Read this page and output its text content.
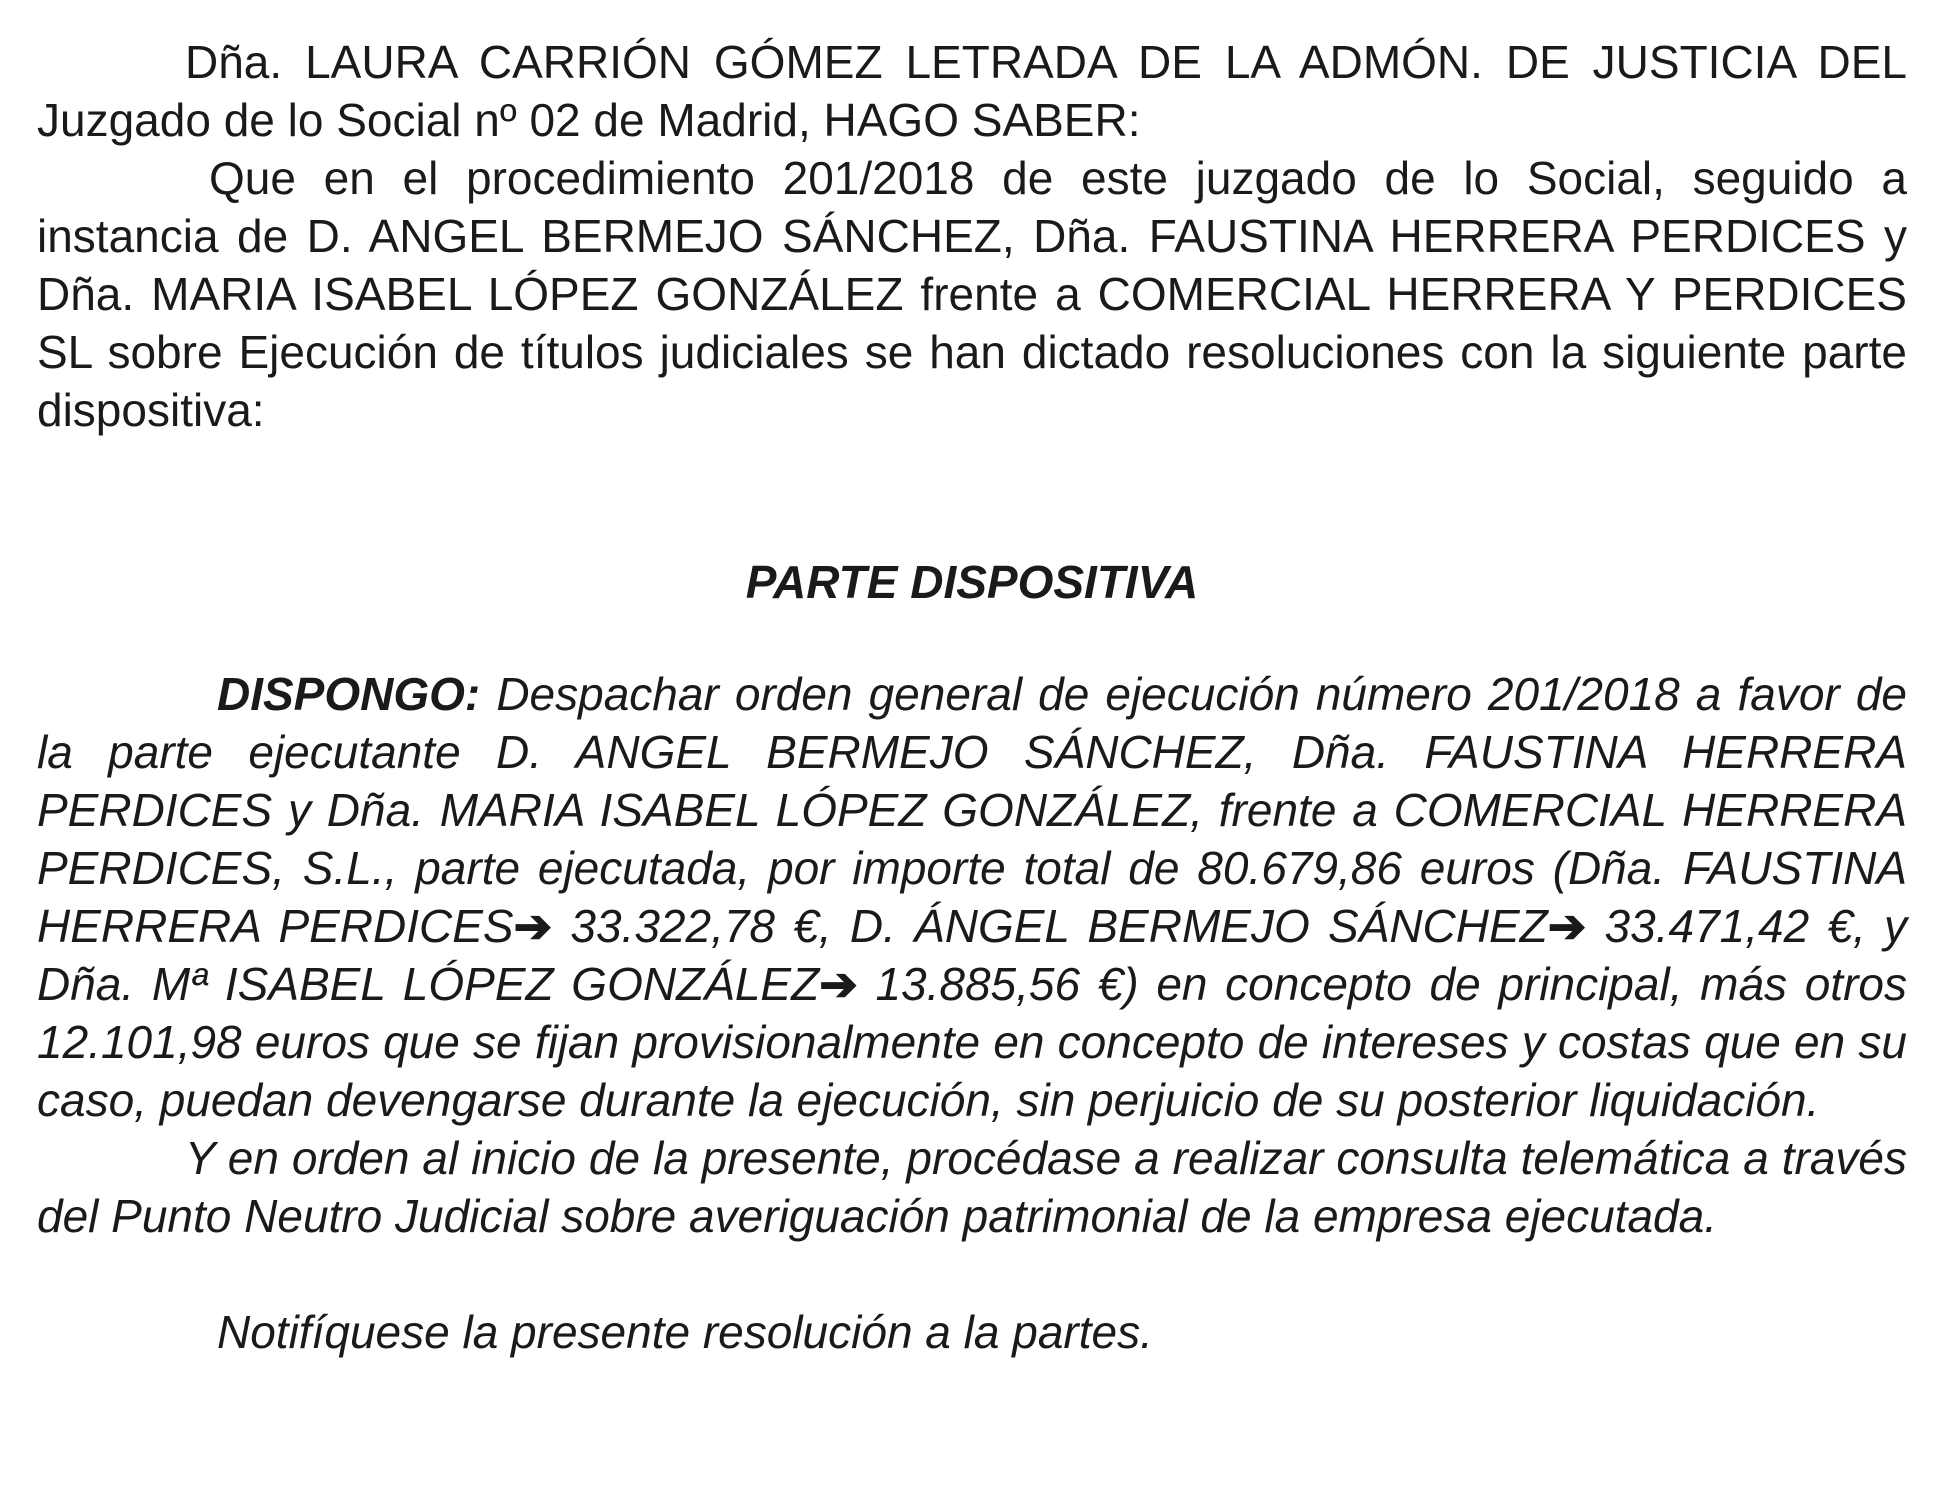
Dña. LAURA CARRIÓN GÓMEZ LETRADA DE LA ADMÓN. DE JUSTICIA DEL Juzgado de lo Social nº 02 de Madrid, HAGO SABER:

Que en el procedimiento 201/2018 de este juzgado de lo Social, seguido a instancia de D. ANGEL BERMEJO SÁNCHEZ, Dña. FAUSTINA HERRERA PERDICES y Dña. MARIA ISABEL LÓPEZ GONZÁLEZ frente a COMERCIAL HERRERA Y PERDICES SL sobre Ejecución de títulos judiciales se han dictado resoluciones con la siguiente parte dispositiva:

PARTE DISPOSITIVA

DISPONGO: Despachar orden general de ejecución número 201/2018 a favor de la parte ejecutante D. ANGEL BERMEJO SÁNCHEZ, Dña. FAUSTINA HERRERA PERDICES y Dña. MARIA ISABEL LÓPEZ GONZÁLEZ, frente a COMERCIAL HERRERA PERDICES, S.L., parte ejecutada, por importe total de 80.679,86 euros (Dña. FAUSTINA HERRERA PERDICES➔ 33.322,78 €, D. ÁNGEL BERMEJO SÁNCHEZ➔ 33.471,42 €, y Dña. Mª ISABEL LÓPEZ GONZÁLEZ➔ 13.885,56 €) en concepto de principal, más otros 12.101,98 euros que se fijan provisionalmente en concepto de intereses y costas que en su caso, puedan devengarse durante la ejecución, sin perjuicio de su posterior liquidación.

Y en orden al inicio de la presente, procédase a realizar consulta telemática a través del Punto Neutro Judicial sobre averiguación patrimonial de la empresa ejecutada.

Notifíquese la presente resolución a la partes.
